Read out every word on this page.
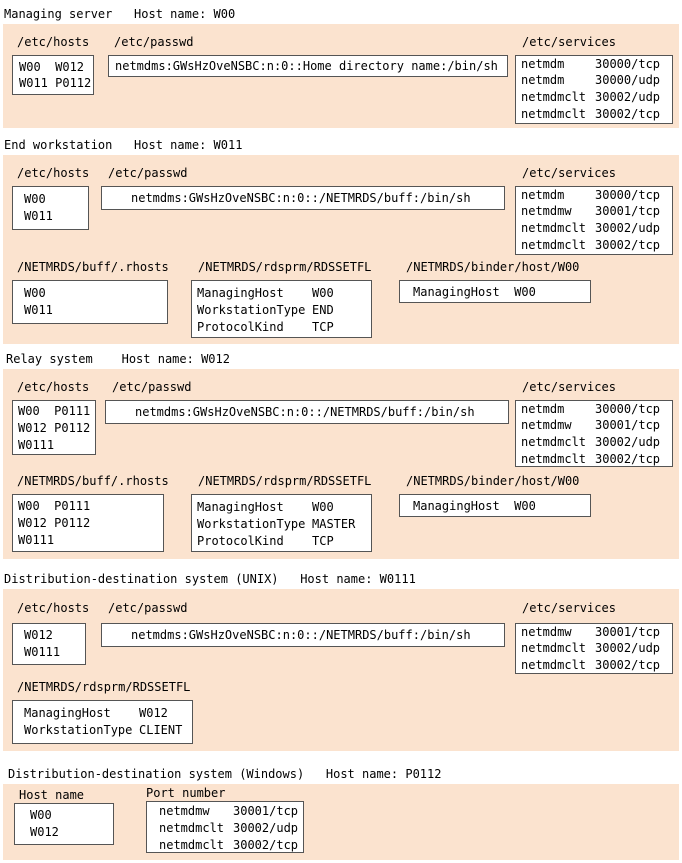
Managing server   Host name: W00
/etc/hosts
W00  W012
W011 P0112
/etc/passwd
netmdms:GWsHzOveNSBC:n:0::Home directory name:/bin/sh
/etc/services
netmdm	30000/tcp
netmdm	30000/udp
netmdmclt 30002/udp
netmdmclt 30002/tcp
End workstation   Host name: W011
/etc/hosts
W00
W011
/etc/passwd
netmdms:GWsHzOveNSBC:n:0::/NETMRDS/buff:/bin/sh
/etc/services
netmdm	30000/tcp
netmdmw 30001/tcp
netmdmclt 30002/udp
netmdmclt 30002/tcp
/NETMRDS/buff/.rhosts
W00
W011
/NETMRDS/rdsprm/RDSSETFL
ManagingHost W00
WorkstationType END
ProtocolKind TCP
/NETMRDS/binder/host/W00
ManagingHost  W00
Relay system    Host name: W012
/etc/hosts
W00  P0111
W012 P0112
W0111
/etc/passwd
netmdms:GWsHzOveNSBC:n:0::/NETMRDS/buff:/bin/sh
/etc/services
netmdm	30000/tcp
netmdmw 30001/tcp
netmdmclt 30002/udp
netmdmclt 30002/tcp
/NETMRDS/buff/.rhosts
W00  P0111
W012 P0112
W0111
/NETMRDS/rdsprm/RDSSETFL
ManagingHost W00
WorkstationType MASTER
ProtocolKind TCP
/NETMRDS/binder/host/W00
ManagingHost  W00
Distribution-destination system (UNIX)   Host name: W0111
/etc/hosts
W012
W0111
/etc/passwd
netmdms:GWsHzOveNSBC:n:0::/NETMRDS/buff:/bin/sh
/etc/services
netmdmw 30001/tcp
netmdmclt 30002/udp
netmdmclt 30002/tcp
/NETMRDS/rdsprm/RDSSETFL
ManagingHost W012
WorkstationType CLIENT
Distribution-destination system (Windows)   Host name: P0112
Host name
W00
W012
Port number
netmdmw 30001/tcp
netmdmclt 30002/udp
netmdmclt 30002/tcp
